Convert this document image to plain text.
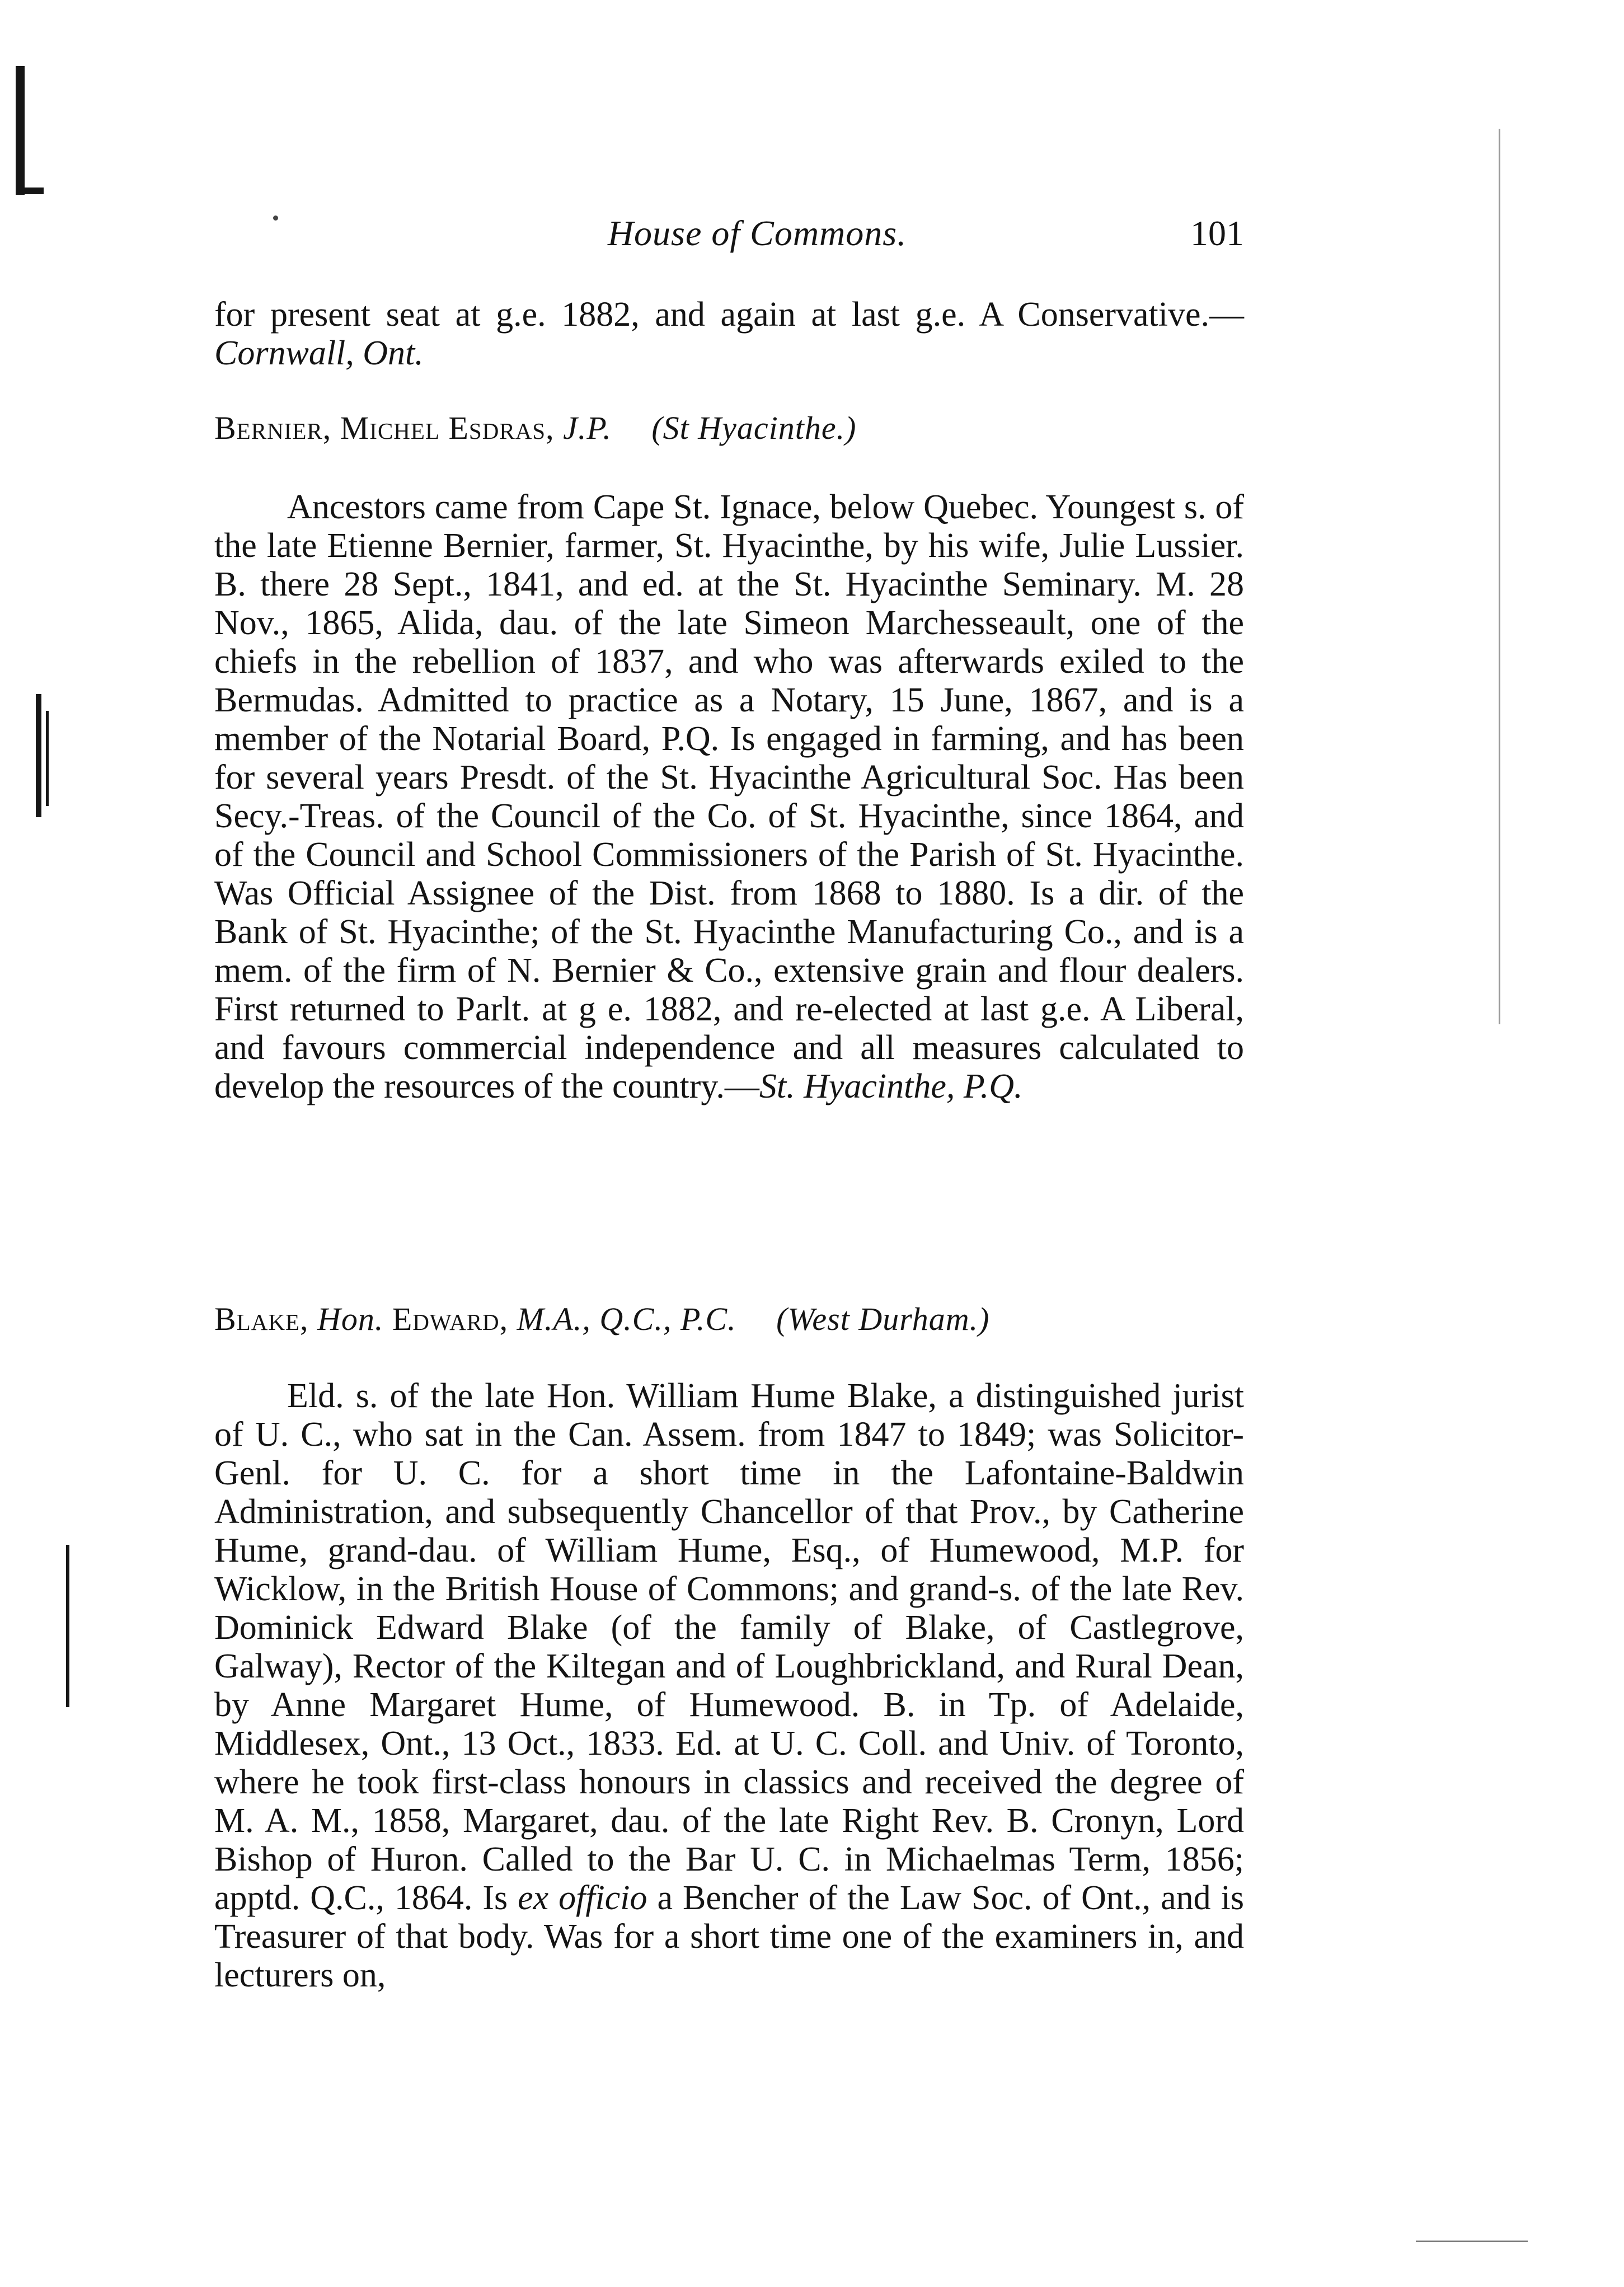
House of Commons.	101
for present seat at g.e. 1882, and again at last g.e. A Conservative.—Cornwall, Ont.
Bernier, Michel Esdras, J.P. (St Hyacinthe.)

Ancestors came from Cape St. Ignace, below Quebec. Youngest s. of the late Etienne Bernier, farmer, St. Hyacinthe, by his wife, Julie Lussier. B. there 28 Sept., 1841, and ed. at the St. Hyacinthe Seminary. M. 28 Nov., 1865, Alida, dau. of the late Simeon Marchesseault, one of the chiefs in the rebellion of 1837, and who was afterwards exiled to the Bermudas. Admitted to practice as a Notary, 15 June, 1867, and is a member of the Notarial Board, P.Q. Is engaged in farming, and has been for several years Presdt. of the St. Hyacinthe Agricultural Soc. Has been Secy.-Treas. of the Council of the Co. of St. Hyacinthe, since 1864, and of the Council and School Commissioners of the Parish of St. Hyacinthe. Was Official Assignee of the Dist. from 1868 to 1880. Is a dir. of the Bank of St. Hyacinthe; of the St. Hyacinthe Manufacturing Co., and is a mem. of the firm of N. Bernier & Co., extensive grain and flour dealers. First returned to Parlt. at g e. 1882, and re-elected at last g.e. A Liberal, and favours commercial independence and all measures calculated to develop the resources of the country.—St. Hyacinthe, P.Q.

Blake, Hon. Edward, M.A., Q.C., P.C. (West Durham.)

Eld. s. of the late Hon. William Hume Blake, a distinguished jurist of U. C., who sat in the Can. Assem. from 1847 to 1849; was Solicitor-Genl. for U. C. for a short time in the Lafontaine-Baldwin Administration, and subsequently Chancellor of that Prov., by Catherine Hume, grand-dau. of William Hume, Esq., of Humewood, M.P. for Wicklow, in the British House of Commons; and grand-s. of the late Rev. Dominick Edward Blake (of the family of Blake, of Castlegrove, Galway), Rector of the Kiltegan and of Loughbrickland, and Rural Dean, by Anne Margaret Hume, of Humewood. B. in Tp. of Adelaide, Middlesex, Ont., 13 Oct., 1833. Ed. at U. C. Coll. and Univ. of Toronto, where he took first-class honours in classics and received the degree of M. A. M., 1858, Margaret, dau. of the late Right Rev. B. Cronyn, Lord Bishop of Huron. Called to the Bar U. C. in Michaelmas Term, 1856; apptd. Q.C., 1864. Is ex officio a Bencher of the Law Soc. of Ont., and is Treasurer of that body. Was for a short time one of the examiners in, and lecturers on,
